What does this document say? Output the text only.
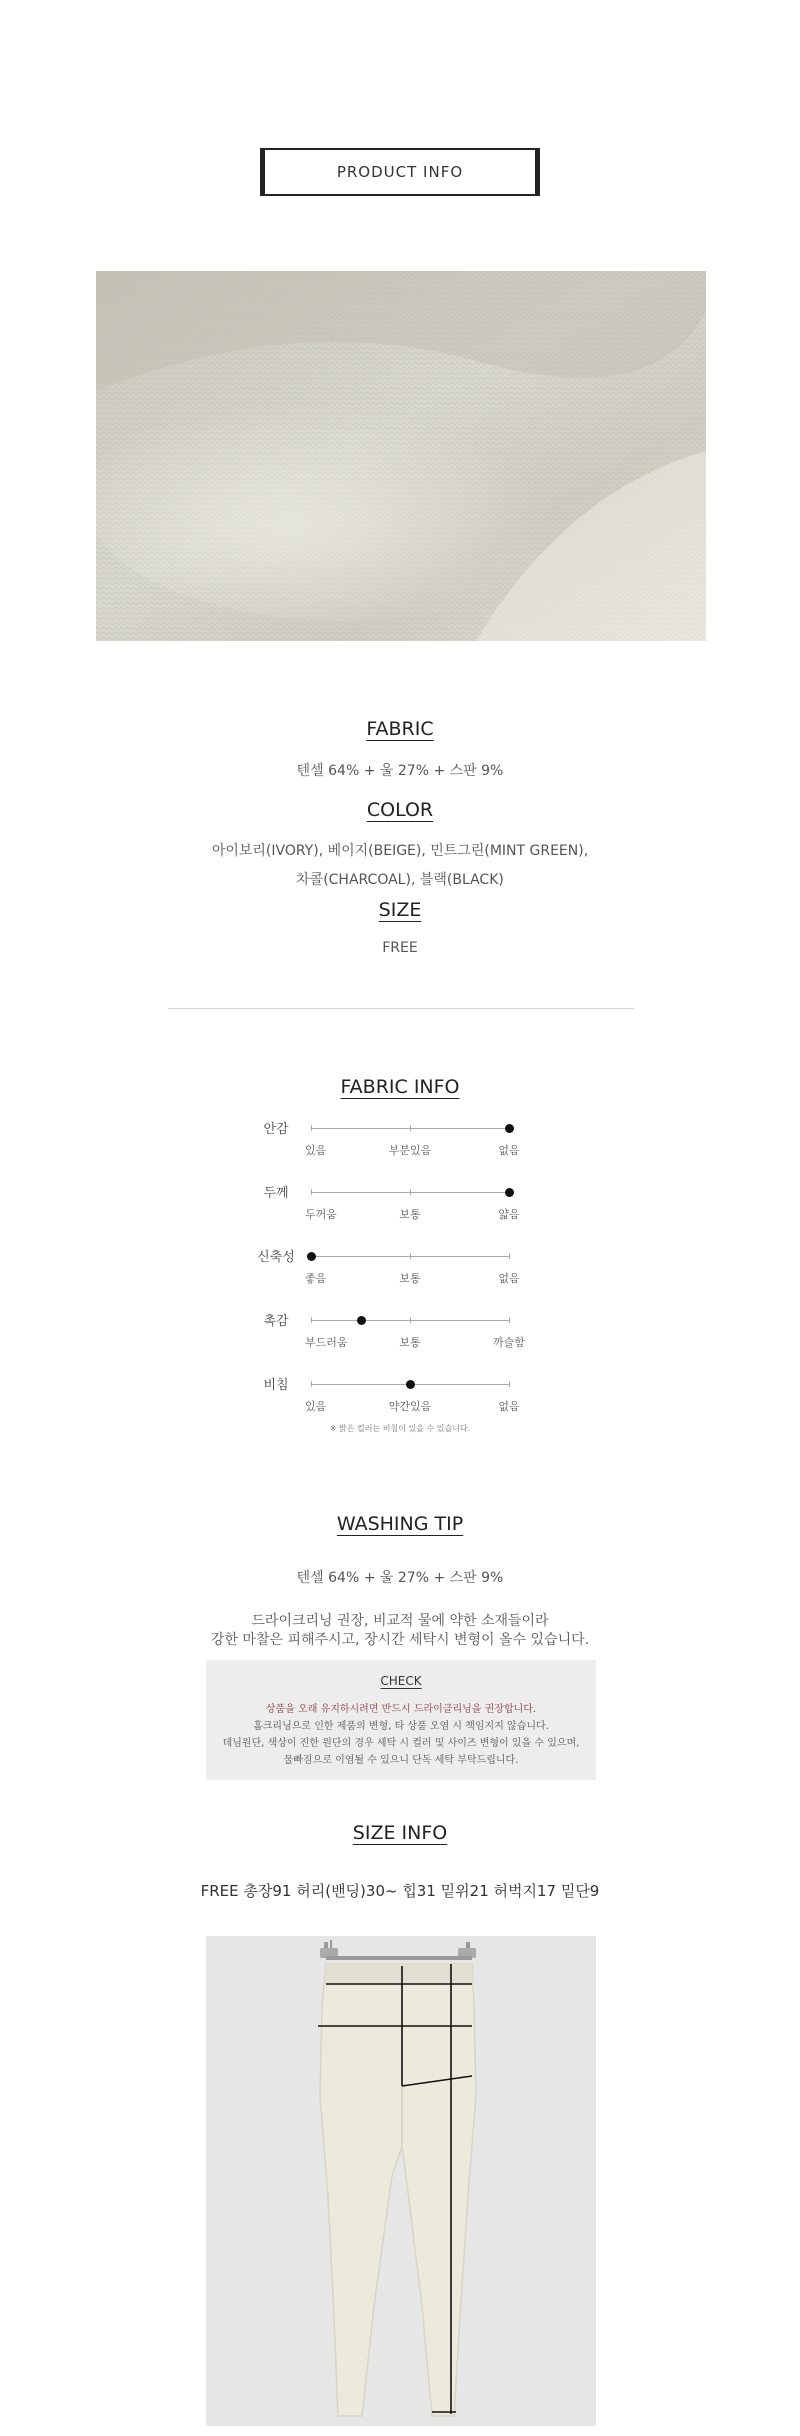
PRODUCT INFO
FABRIC
텐셀 64% + 울 27% + 스판 9%
COLOR
아이보리(IVORY), 베이지(BEIGE), 민트그린(MINT GREEN),
차콜(CHARCOAL), 블랙(BLACK)
SIZE
FREE
FABRIC INFO
안감
있음	부분있음	없음
두께
두꺼움	보통	얇음
신축성
좋음	보통	없음
촉감
부드러움	보통	까슬함
비침
있음	약간있음	없음
※ 밝은 컬러는 비침이 있을 수 있습니다.
WASHING TIP
텐셀 64% + 울 27% + 스판 9%
드라이크리닝 권장, 비교적 물에 약한 소재들이라
강한 마찰은 피해주시고, 장시간 세탁시 변형이 올수 있습니다.
CHECK
상품을 오래 유지하시려면 반드시 드라이클리닝을 권장합니다.
홈크리닝으로 인한 제품의 변형, 타 상품 오염 시 책임지지 않습니다.
데님원단, 색상이 진한 원단의 경우 세탁 시 컬러 및 사이즈 변형이 있을 수 있으며,
물빠짐으로 이염될 수 있으니 단독 세탁 부탁드립니다.
SIZE INFO
FREE 총장91 허리(밴딩)30~ 힙31 밑위21 허벅지17 밑단9
